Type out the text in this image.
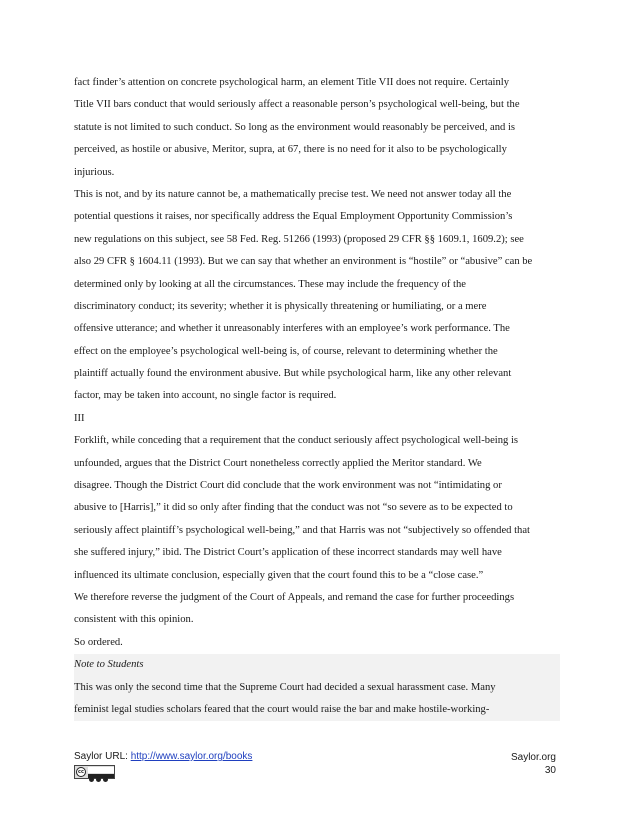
fact finder’s attention on concrete psychological harm, an element Title VII does not require. Certainly
Title VII bars conduct that would seriously affect a reasonable person’s psychological well-being, but the
statute is not limited to such conduct. So long as the environment would reasonably be perceived, and is
perceived, as hostile or abusive, Meritor, supra, at 67, there is no need for it also to be psychologically
injurious.
This is not, and by its nature cannot be, a mathematically precise test. We need not answer today all the
potential questions it raises, nor specifically address the Equal Employment Opportunity Commission’s
new regulations on this subject, see 58 Fed. Reg. 51266 (1993) (proposed 29 CFR §§ 1609.1, 1609.2); see
also 29 CFR § 1604.11 (1993). But we can say that whether an environment is “hostile” or “abusive” can be
determined only by looking at all the circumstances. These may include the frequency of the
discriminatory conduct; its severity; whether it is physically threatening or humiliating, or a mere
offensive utterance; and whether it unreasonably interferes with an employee’s work performance. The
effect on the employee’s psychological well-being is, of course, relevant to determining whether the
plaintiff actually found the environment abusive. But while psychological harm, like any other relevant
factor, may be taken into account, no single factor is required.
III
Forklift, while conceding that a requirement that the conduct seriously affect psychological well-being is
unfounded, argues that the District Court nonetheless correctly applied the Meritor standard. We
disagree. Though the District Court did conclude that the work environment was not “intimidating or
abusive to [Harris],” it did so only after finding that the conduct was not “so severe as to be expected to
seriously affect plaintiff’s psychological well-being,” and that Harris was not “subjectively so offended that
she suffered injury,” ibid. The District Court’s application of these incorrect standards may well have
influenced its ultimate conclusion, especially given that the court found this to be a “close case.”
We therefore reverse the judgment of the Court of Appeals, and remand the case for further proceedings
consistent with this opinion.
So ordered.
Note to Students
This was only the second time that the Supreme Court had decided a sexual harassment case. Many
feminist legal studies scholars feared that the court would raise the bar and make hostile-working-
Saylor URL: http://www.saylor.org/books
cc
Saylor.org
30
